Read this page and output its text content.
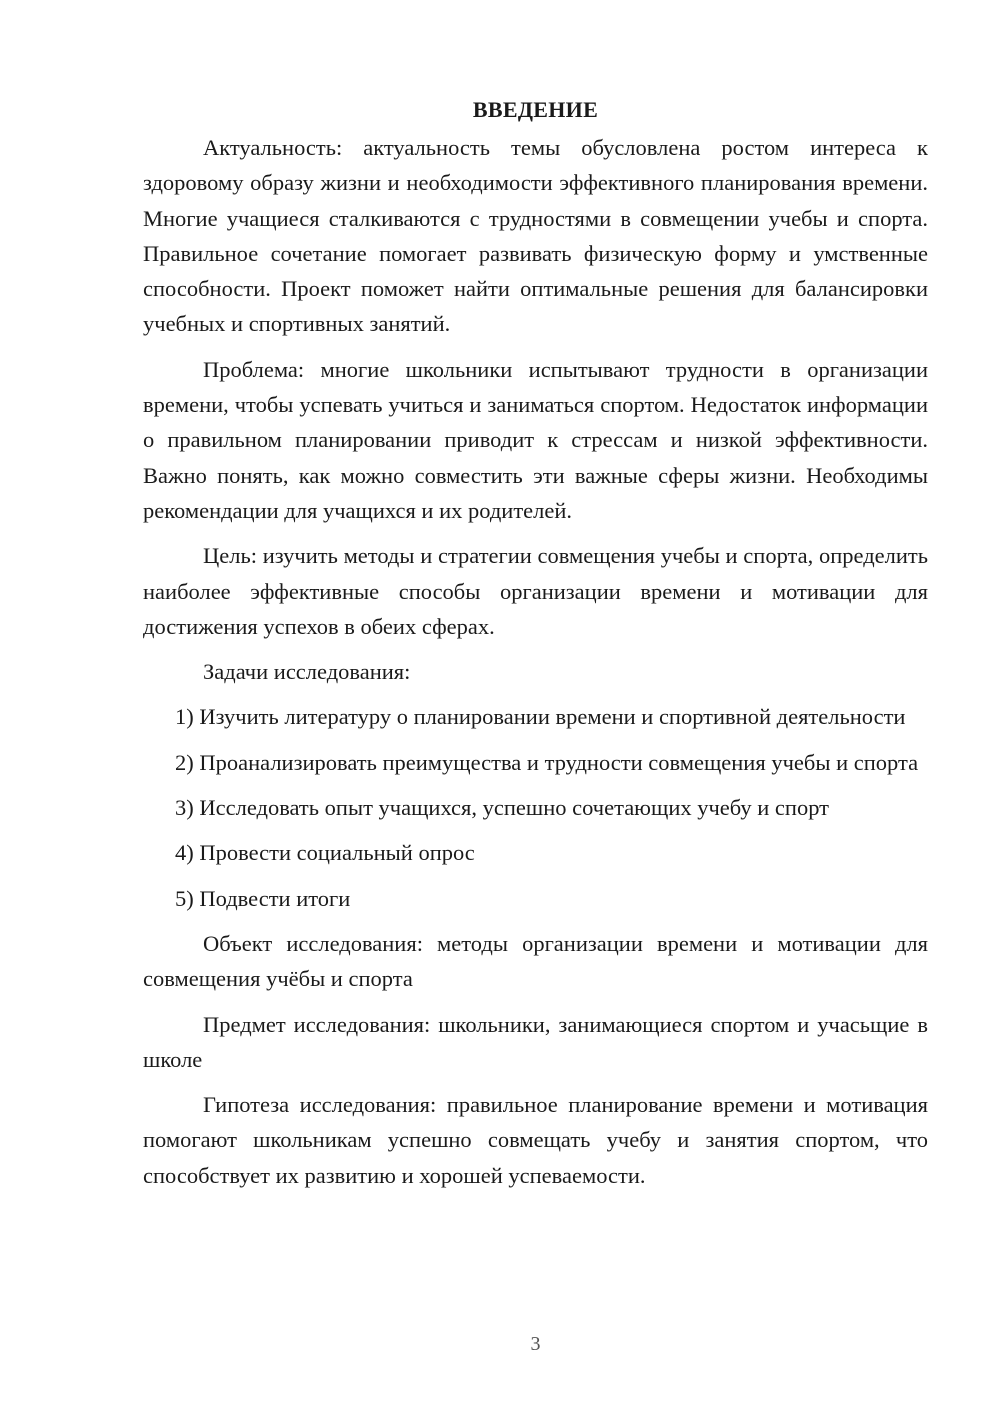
ВВЕДЕНИЕ

Актуальность: актуальность темы обусловлена ростом интереса к здоровому образу жизни и необходимости эффективного планирования времени. Многие учащиеся сталкиваются с трудностями в совмещении учебы и спорта. Правильное сочетание помогает развивать физическую форму и умственные способности. Проект поможет найти оптимальные решения для балансировки учебных и спортивных занятий.

Проблема: многие школьники испытывают трудности в организации времени, чтобы успевать учиться и заниматься спортом. Недостаток информации о правильном планировании приводит к стрессам и низкой эффективности. Важно понять, как можно совместить эти важные сферы жизни. Необходимы рекомендации для учащихся и их родителей.

Цель: изучить методы и стратегии совмещения учебы и спорта, определить наиболее эффективные способы организации времени и мотивации для достижения успехов в обеих сферах.

Задачи исследования:

1) Изучить литературу о планировании времени и спортивной деятельности

2) Проанализировать преимущества и трудности совмещения учебы и спорта

3) Исследовать опыт учащихся, успешно сочетающих учебу и спорт

4) Провести социальный опрос

5) Подвести итоги

Объект исследования: методы организации времени и мотивации для совмещения учёбы и спорта

Предмет исследования: школьники, занимающиеся спортом и учасьщие в школе

Гипотеза исследования: правильное планирование времени и мотивация помогают школьникам успешно совмещать учебу и занятия спортом, что способствует их развитию и хорошей успеваемости.

3
